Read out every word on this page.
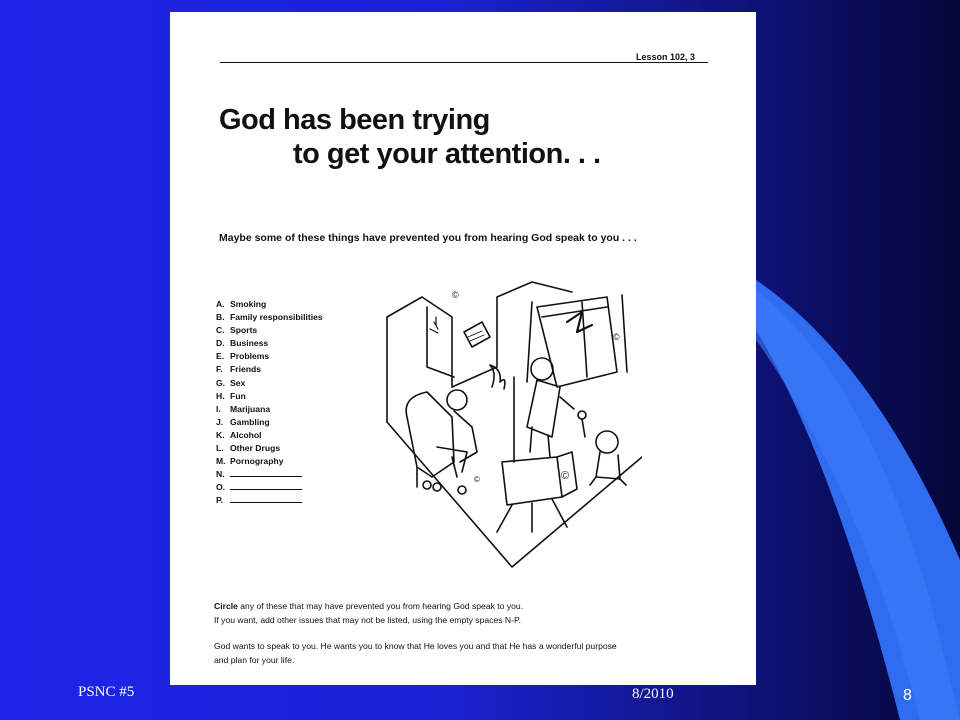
Lesson 102, 3
God has been trying
to get your attention. . .
Maybe some of these things have prevented you from hearing God speak to you . . .
A. Smoking
B. Family responsibilities
C. Sports
D. Business
E. Problems
F. Friends
G. Sex
H. Fun
I. Marijuana
J. Gambling
K. Alcohol
L. Other Drugs
M. Pornography
N.
O.
P.
©
©
©
©
Circle any of these that may have prevented you from hearing God speak to you.
If you want, add other issues that may not be listed, using the empty spaces N-P.
God wants to speak to you. He wants you to know that He loves you and that He has a wonderful purpose
and plan for your life.
PSNC #5	8/2010	8
